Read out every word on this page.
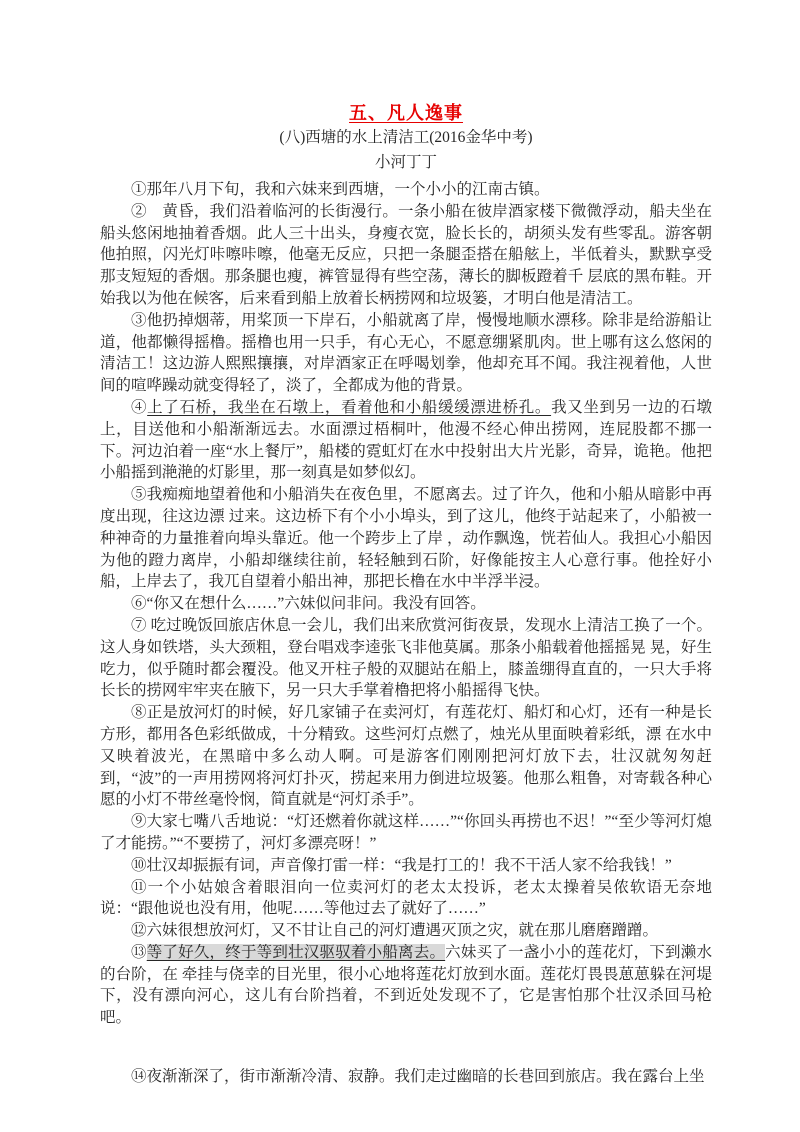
五、凡人逸事
(八)西塘的水上清洁工(2016金华中考)
小河丁丁

①那年八月下旬，我和六妹来到西塘，一个小小的江南古镇。

②　黄昏，我们沿着临河的长街漫行。一条小船在彼岸酒家楼下微微浮动，船夫坐在船头悠闲地抽着香烟。此人三十出头，身瘦衣宽，脸长长的，胡须头发有些零乱。游客朝他拍照，闪光灯咔嚓咔嚓，他毫无反应，只把一条腿歪搭在船舷上，半低着头，默默享受那支短短的香烟。那条腿也瘦，裤管显得有些空荡，薄长的脚板蹬着千 层底的黑布鞋。开始我以为他在候客，后来看到船上放着长柄捞网和垃圾篓，才明白他是清洁工。

③他扔掉烟蒂，用桨顶一下岸石，小船就离了岸，慢慢地顺水漂移。除非是给游船让道，他都懒得摇橹。摇橹也用一只手，有心无心，不愿意绷紧肌肉。世上哪有这么悠闲的清洁工！这边游人熙熙攘攘，对岸酒家正在呼喝划拳，他却充耳不闻。我注视着他，人世间的喧哗躁动就变得轻了，淡了，全都成为他的背景。

④上了石桥，我坐在石墩上，看着他和小船缓缓漂进桥孔。我又坐到另一边的石墩上，目送他和小船渐渐远去。水面漂过梧桐叶，他漫不经心伸出捞网，连屁股都不挪一下。河边泊着一座“水上餐厅”，船楼的霓虹灯在水中投射出大片光影，奇异，诡艳。他把小船摇到滟滟的灯影里，那一刻真是如梦似幻。

⑤我痴痴地望着他和小船消失在夜色里，不愿离去。过了许久，他和小船从暗影中再度出现，往这边漂 过来。这边桥下有个小小埠头，到了这儿，他终于站起来了，小船被一种神奇的力量推着向埠头靠近。他一个跨步上了岸 ，动作飘逸，恍若仙人。我担心小船因为他的蹬力离岸，小船却继续往前，轻轻触到石阶，好像能按主人心意行事。他拴好小船，上岸去了，我兀自望着小船出神，那把长橹在水中半浮半浸。

⑥“你又在想什么……”六妹似问非问。我没有回答。

⑦ 吃过晚饭回旅店休息一会儿，我们出来欣赏河街夜景，发现水上清洁工换了一个。这人身如铁塔，头大颈粗，登台唱戏李逵张飞非他莫属。那条小船载着他摇摇晃 晃，好生吃力，似乎随时都会覆没。他叉开柱子般的双腿站在船上，膝盖绷得直直的，一只大手将长长的捞网牢牢夹在腋下，另一只大手掌着橹把将小船摇得飞快。

⑧正是放河灯的时候，好几家铺子在卖河灯，有莲花灯、船灯和心灯，还有一种是长方形，都用各色彩纸做成，十分精致。这些河灯点燃了，烛光从里面映着彩纸，漂 在水中又映着波光，在黑暗中多么动人啊。可是游客们刚刚把河灯放下去，壮汉就匆匆赶到，“波”的一声用捞网将河灯扑灭，捞起来用力倒进垃圾篓。他那么粗鲁，对寄载各种心愿的小灯不带丝毫怜悯，简直就是“河灯杀手”。

⑨大家七嘴八舌地说：“灯还燃着你就这样……”“你回头再捞也不迟！”“至少等河灯熄了才能捞。”“不要捞了，河灯多漂亮呀！”

⑩壮汉却振振有词，声音像打雷一样：“我是打工的！我不干活人家不给我钱！”

⑪一个小姑娘含着眼泪向一位卖河灯的老太太投诉，老太太操着吴侬软语无奈地说：“跟他说也没有用，他呢……等他过去了就好了……”

⑫六妹很想放河灯，又不甘让自己的河灯遭遇灭顶之灾，就在那儿磨磨蹭蹭。

⑬等了好久，终于等到壮汉驱驭着小船离去。六妹买了一盏小小的莲花灯，下到濑水的台阶，在 牵挂与侥幸的目光里，很小心地将莲花灯放到水面。莲花灯畏畏葸葸躲在河堤下，没有漂向河心，这儿有台阶挡着，不到近处发现不了，它是害怕那个壮汉杀回马枪吧。

⑭夜渐渐深了，街市渐渐冷清、寂静。我们走过幽暗的长巷回到旅店。我在露台上坐
